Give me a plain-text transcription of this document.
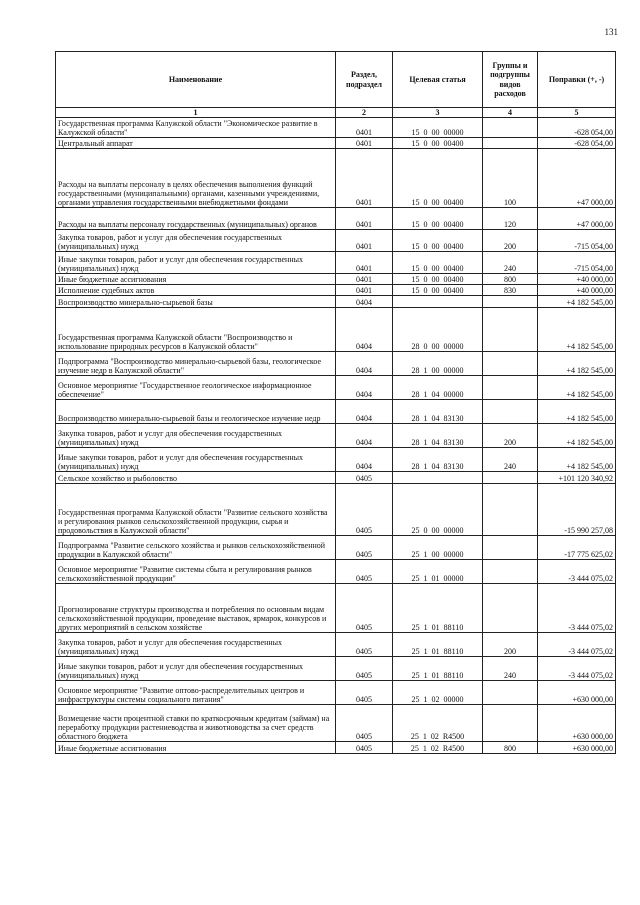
131
Наименование	Раздел, подраздел	Целевая статья	Группы и подгруппы видов расходов	Поправки (+, -)
1	2	3	4	5
Государственная программа Калужской области "Экономическое развитие в Калужской области"	0401	15  0  00  00000		-628 054,00
Центральный аппарат	0401	15  0  00  00400		-628 054,00
Расходы на выплаты персоналу в целях обеспечения выполнения функций государственными (муниципальными) органами, казенными учреждениями, органами управления государственными внебюджетными фондами	0401	15  0  00  00400	100	+47 000,00
Расходы на выплаты персоналу государственных (муниципальных) органов	0401	15  0  00  00400	120	+47 000,00
Закупка товаров, работ и услуг для обеспечения государственных (муниципальных) нужд	0401	15  0  00  00400	200	-715 054,00
Иные закупки товаров, работ и услуг для обеспечения государственных (муниципальных) нужд	0401	15  0  00  00400	240	-715 054,00
Иные бюджетные ассигнования	0401	15  0  00  00400	800	+40 000,00
Исполнение судебных актов	0401	15  0  00  00400	830	+40 000,00
Воспроизводство минерально-сырьевой базы	0404			+4 182 545,00
Государственная программа Калужской области "Воспроизводство и использование природных ресурсов в Калужской области"	0404	28  0  00  00000		+4 182 545,00
Подпрограмма "Воспроизводство минерально-сырьевой базы, геологическое изучение недр в Калужской области"	0404	28  1  00  00000		+4 182 545,00
Основное мероприятие "Государственное геологическое информационное обеспечение"	0404	28  1  04  00000		+4 182 545,00
Воспроизводство минерально-сырьевой базы и геологическое изучение недр	0404	28  1  04  83130		+4 182 545,00
Закупка товаров, работ и услуг для обеспечения государственных (муниципальных) нужд	0404	28  1  04  83130	200	+4 182 545,00
Иные закупки товаров, работ и услуг для обеспечения государственных (муниципальных) нужд	0404	28  1  04  83130	240	+4 182 545,00
Сельское хозяйство и рыболовство	0405			+101 120 340,92
Государственная программа Калужской области "Развитие сельского хозяйства и регулирования рынков сельскохозяйственной продукции, сырья и продовольствия в Калужской области"	0405	25  0  00  00000		-15 990 257,08
Подпрограмма "Развитие сельского хозяйства и рынков сельскохозяйственной продукции в Калужской области"	0405	25  1  00  00000		-17 775 625,02
Основное мероприятие "Развитие системы сбыта и регулирования рынков сельскохозяйственной продукции"	0405	25  1  01  00000		-3 444 075,02
Прогнозирование структуры производства и потребления по основным видам сельскохозяйственной продукции, проведение выставок, ярмарок, конкурсов и других мероприятий в сельском хозяйстве	0405	25  1  01  88110		-3 444 075,02
Закупка товаров, работ и услуг для обеспечения государственных (муниципальных) нужд	0405	25  1  01  88110	200	-3 444 075,02
Иные закупки товаров, работ и услуг для обеспечения государственных (муниципальных) нужд	0405	25  1  01  88110	240	-3 444 075,02
Основное мероприятие "Развитие оптово-распределительных центров и инфраструктуры системы социального питания"	0405	25  1  02  00000		+630 000,00
Возмещение части процентной ставки по краткосрочным кредитам (займам) на переработку продукции растениеводства и животноводства за счет средств областного бюджета	0405	25  1  02  R4500		+630 000,00
Иные бюджетные ассигнования	0405	25  1  02  R4500	800	+630 000,00
